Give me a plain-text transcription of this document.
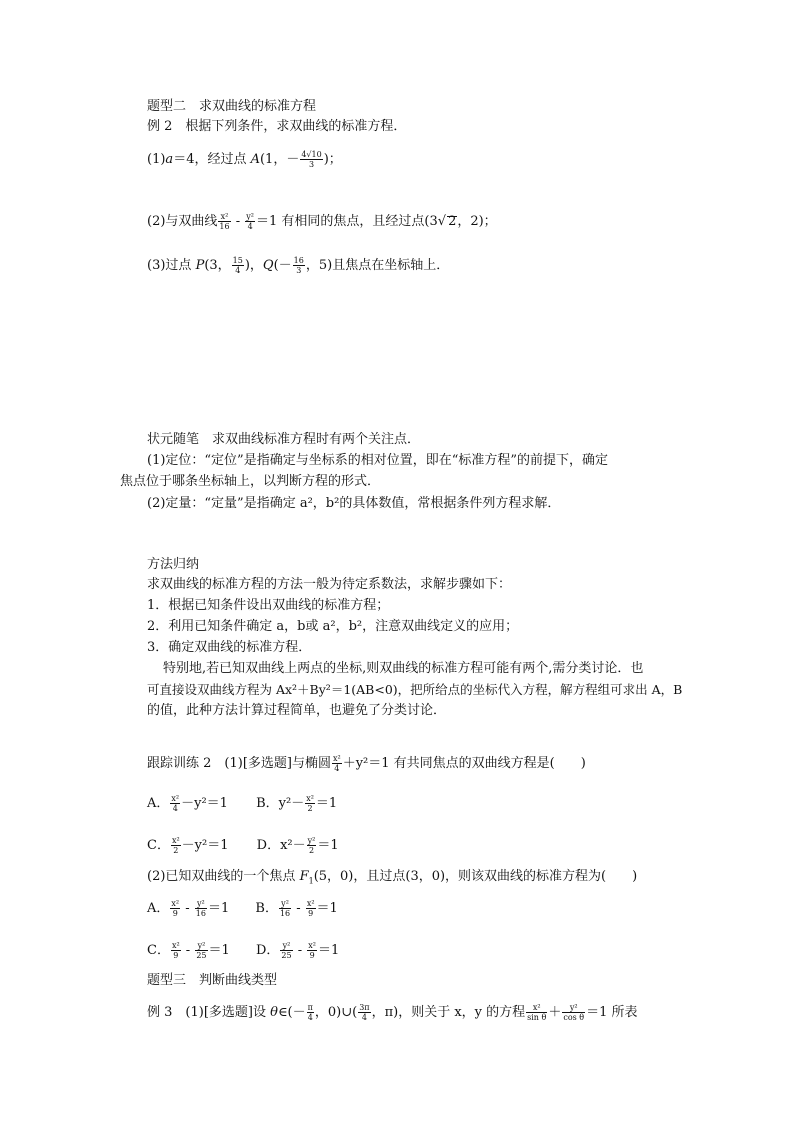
题型二　求双曲线的标准方程
例 2　根据下列条件，求双曲线的标准方程．
(1)a＝4，经过点 A(1，－ $\frac{4√10}{3}$ )；
(2)与双曲线 $\frac{\text{x²}}{16} - \frac{\text{y²}}{4} =1$ 有相同的焦点，且经过点(3√ 2，2)；
(3)过点 P(3， $\frac{15}{4}$ )，$Q(- \frac{16}{3}$ ，5)且焦点在坐标轴上．
状元随笔　求双曲线标准方程时有两个关注点．
(1)定位：“定位”是指确定与坐标系的相对位置，即在“标准方程”的前提下，确定
焦点位于哪条坐标轴上，以判断方程的形式．
(2)定量：“定量”是指确定 a²，b²的具体数值，常根据条件列方程求解．
方法归纳
求双曲线的标准方程的方法一般为待定系数法，求解步骤如下：
1．根据已知条件设出双曲线的标准方程；
2．利用已知条件确定 a，b或 a²，b²，注意双曲线定义的应用；
3．确定双曲线的标准方程．
特别地,若已知双曲线上两点的坐标,则双曲线的标准方程可能有两个,需分类讨论．也
可直接设双曲线方程为 Ax²＋By²＝1(AB<0)，把所给点的坐标代入方程，解方程组可求出 A，B
的值，此种方法计算过程简单，也避免了分类讨论．
跟踪训练 2　(1)[多选题]与椭圆 $\frac{\text{x²}}{4} +y^2=1$ 有共同焦点的双曲线方程是(　　)
A． $\frac{\text{x²}}{4} -y^2=1$ B．$y^2- \frac{\text{x²}}{2} =1$
C． $\frac{\text{x²}}{2} -y^2=1$ D．$x^2- \frac{\text{y²}}{2} =1$
(2)已知双曲线的一个焦点 $F_1(5$，0)，且过点(3，0)，则该双曲线的标准方程为(　　)
A． $\frac{\text{x²}}{9} - \frac{\text{y²}}{16} =1$ B． $\frac{\text{y²}}{16} - \frac{\text{x²}}{9} =1$
C． $\frac{\text{x²}}{9} - \frac{\text{y²}}{25} =1$ D． $\frac{\text{y²}}{25} - \frac{\text{x²}}{9} =1$
题型三　判断曲线类型
例 3　(1)[多选题]设 θ∈(－ $\frac{\pi}{4}$ ，0)∪( $\frac{3\pi}{4}$ ，π)，则关于 x，y 的方程 $\frac{\text{x²}}{\text{sin θ}} + \frac{\text{y²}}{\text{cos θ}} =1$ 所表
